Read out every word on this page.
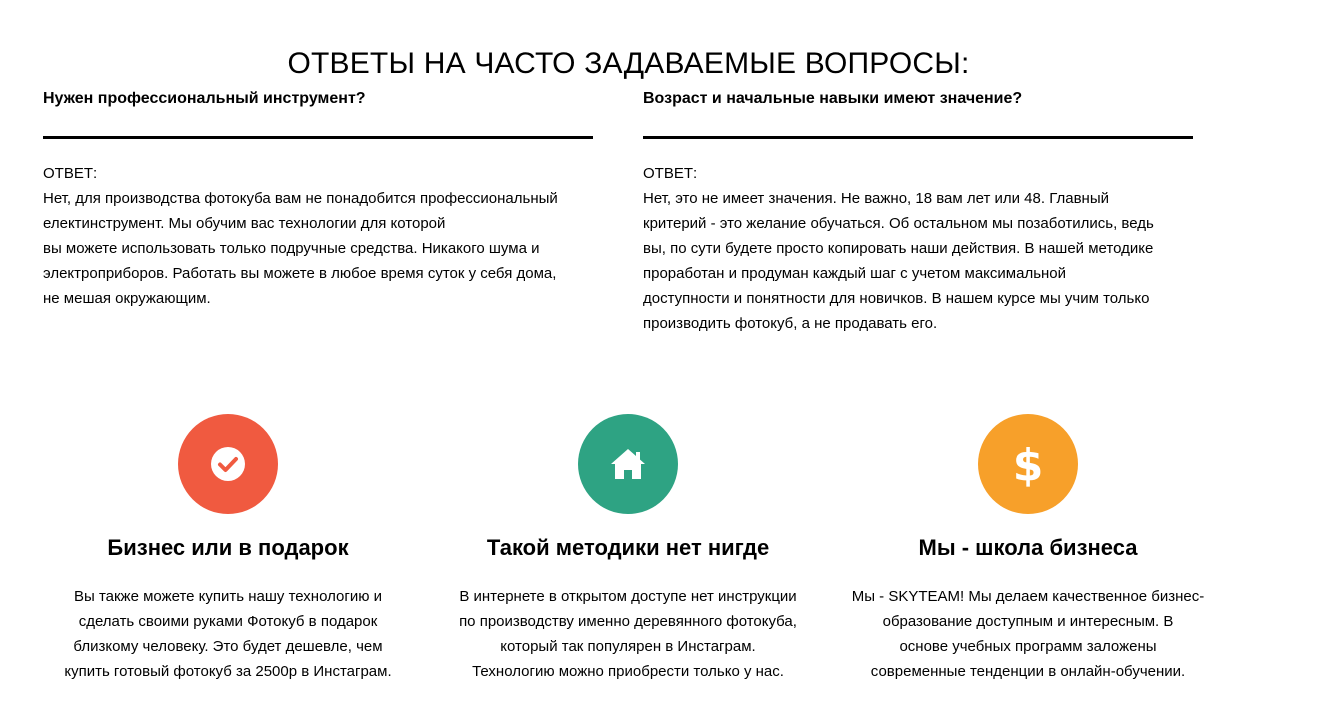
ОТВЕТЫ НА ЧАСТО ЗАДАВАЕМЫЕ ВОПРОСЫ:
Нужен профессиональный инструмент?
ОТВЕТ:
Нет, для производства фотокуба вам не понадобится профессиональный
електинструмент. Мы обучим вас технологии для которой
вы можете использовать только подручные средства. Никакого шума и
электроприборов. Работать вы можете в любое время суток у себя дома,
не мешая окружающим.
Возраст и начальные навыки имеют значение?
ОТВЕТ:
Нет, это не имеет значения. Не важно, 18 вам лет или 48. Главный
критерий - это желание обучаться. Об остальном мы позаботились, ведь
вы, по сути будете просто копировать наши действия. В нашей методике
проработан и продуман каждый шаг с учетом максимальной
доступности и понятности для новичков. В нашем курсе мы учим только
производить фотокуб, а не продавать его.
Бизнес или в подарок
Вы также можете купить нашу технологию и
сделать своими руками Фотокуб в подарок
близкому человеку. Это будет дешевле, чем
купить готовый фотокуб за 2500р в Инстаграм.
Такой методики нет нигде
В интернете в открытом доступе нет инструкции
по производству именно деревянного фотокуба,
который так популярен в Инстаграм.
Технологию можно приобрести только у нас.
$
Мы - школа бизнеса
Мы - SKYTEAM! Мы делаем качественное бизнес-
образование доступным и интересным. В
основе учебных программ заложены
современные тенденции в онлайн-обучении.
